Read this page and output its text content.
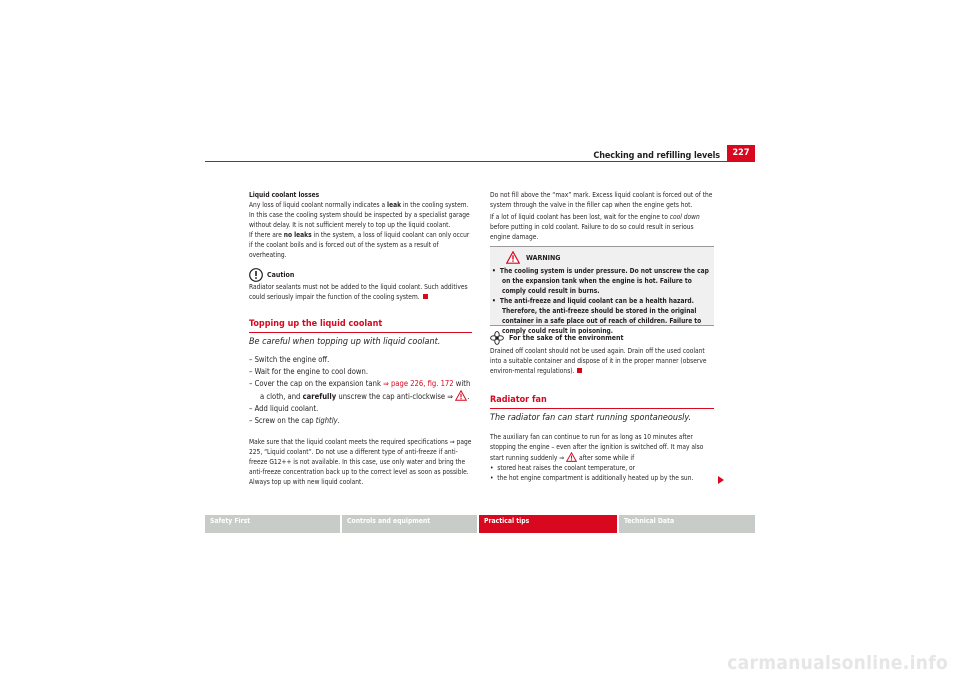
Checking and refilling levels	227

Liquid coolant losses

Any loss of liquid coolant normally indicates a leak in the cooling system. In this case the cooling system should be inspected by a specialist garage without delay. It is not sufficient merely to top up the liquid coolant.

If there are no leaks in the system, a loss of liquid coolant can only occur if the coolant boils and is forced out of the system as a result of overheating.

Caution

Radiator sealants must not be added to the liquid coolant. Such additives could seriously impair the function of the cooling system.

Topping up the liquid coolant
Be careful when topping up with liquid coolant.

– Switch the engine off.

– Wait for the engine to cool down.

– Cover the cap on the expansion tank ⇒ page 226, fig. 172 with a cloth, and carefully unscrew the cap anti-clockwise ⇒ .

– Add liquid coolant.

– Screw on the cap tightly.

Make sure that the liquid coolant meets the required specifications ⇒ page 225, “Liquid coolant”. Do not use a different type of anti-freeze if anti-freeze G12++ is not available. In this case, use only water and bring the anti-freeze concentration back up to the correct level as soon as possible.

Always top up with new liquid coolant.

Do not fill above the “max” mark. Excess liquid coolant is forced out of the system through the valve in the filler cap when the engine gets hot.

If a lot of liquid coolant has been lost, wait for the engine to cool down before putting in cold coolant. Failure to do so could result in serious engine damage.

WARNING

•  The cooling system is under pressure. Do not unscrew the cap on the expansion tank when the engine is hot. Failure to comply could result in burns.

•  The anti-freeze and liquid coolant can be a health hazard. Therefore, the anti-freeze should be stored in the original container in a safe place out of reach of children. Failure to comply could result in poisoning.

For the sake of the environment

Drained off coolant should not be used again. Drain off the used coolant into a suitable container and dispose of it in the proper manner (observe environ-mental regulations).

Radiator fan
The radiator fan can start running spontaneously.

The auxiliary fan can continue to run for as long as 10 minutes after stopping the engine – even after the ignition is switched off. It may also start running suddenly ⇒  after some while if

•  stored heat raises the coolant temperature, or

•  the hot engine compartment is additionally heated up by the sun.

Safety First	Controls and equipment	Practical tips	Technical Data
carmanualsonline.info
